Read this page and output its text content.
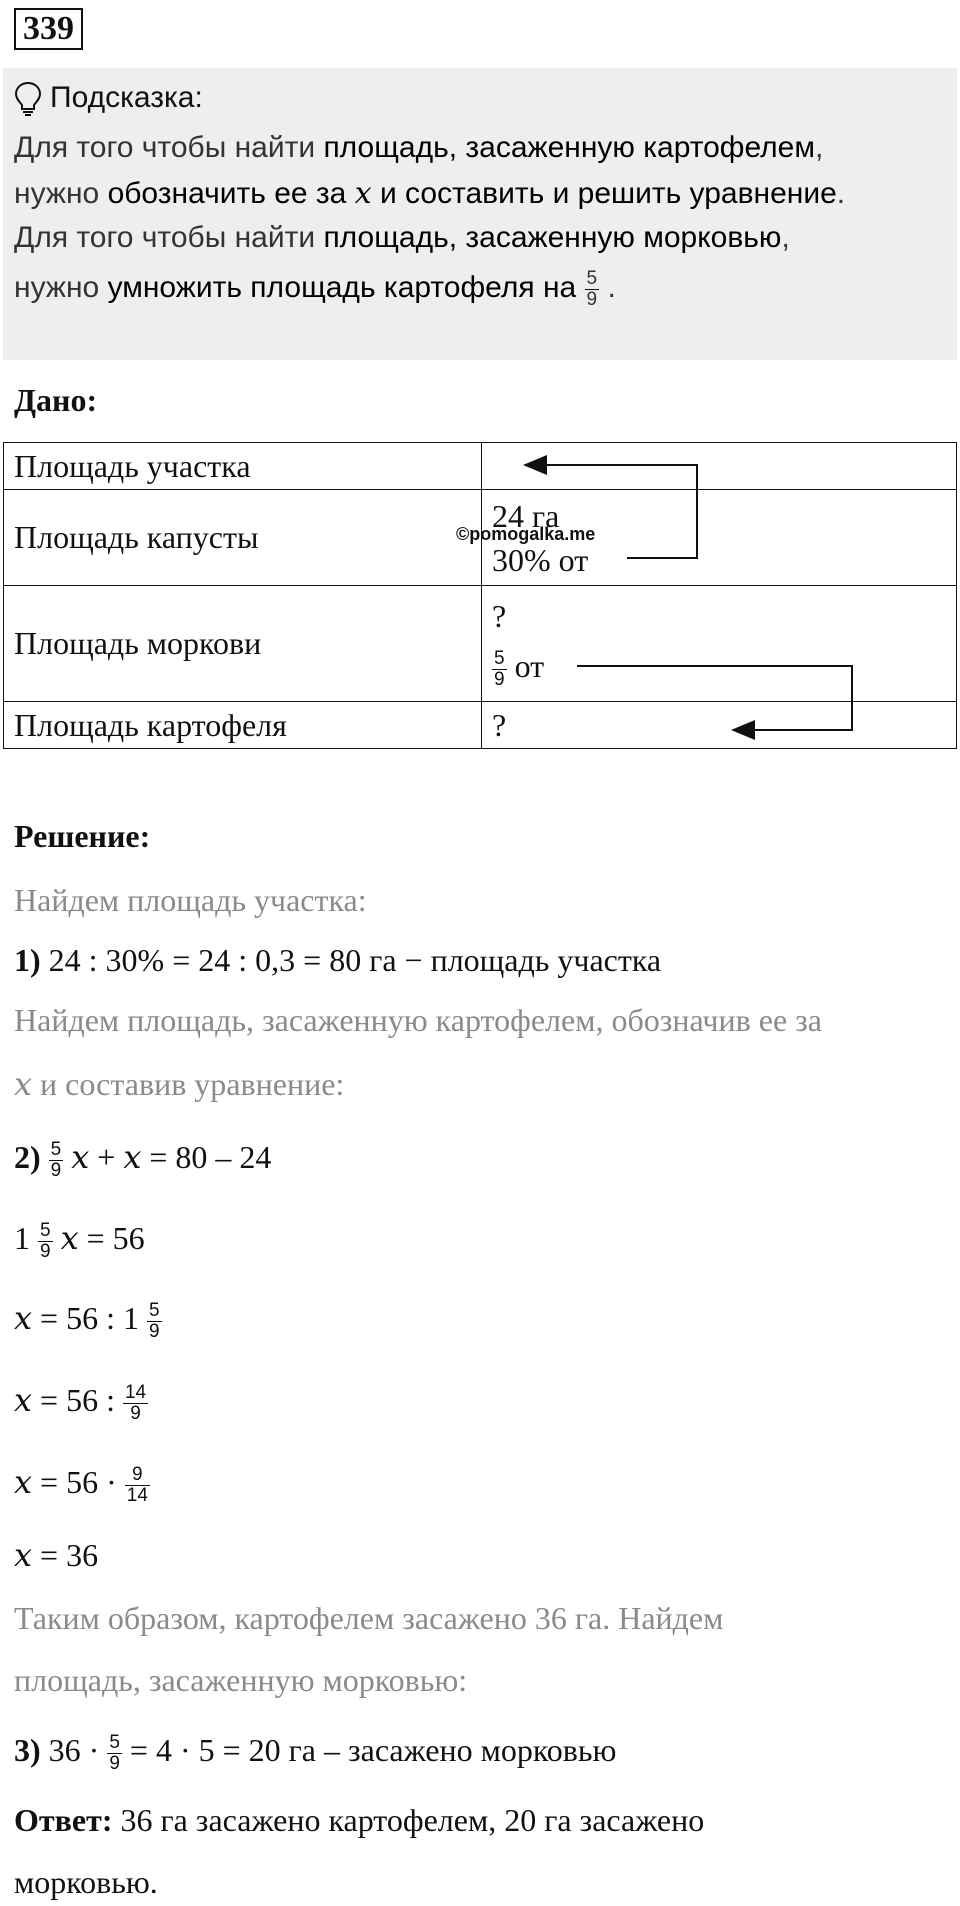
339
Подсказка:
Для того чтобы найти площадь, засаженную картофелем,
нужно обозначить ее за x и составить и решить уравнение.
Для того чтобы найти площадь, засаженную морковью,
нужно умножить площадь картофеля на $\frac{5}{9}$ .
Дано:
Площадь участка	
Площадь капусты	24 га
30% от

Площадь моркови	?
$\frac{5}{9}$ от

Площадь картофеля	?
©pomogalka.me
Решение:
Найдем площадь участка:
1) 24 : 30% = 24 : 0,3 = 80 га − площадь участка
Найдем площадь, засаженную картофелем, обозначив ее за
x и составив уравнение:
$2) \frac{5}{9}$ x + x = 80 – 24
$1 \frac{5}{9}$ x = 56
x = 56 : $1 \frac{5}{9}$
x = 56 : $\frac{14}{9}$
$x = 56 \cdot \frac{9}{14}$
x = 36
Таким образом, картофелем засажено 36 га. Найдем
площадь, засаженную морковью:
3) $36 \cdot \frac{5}{9} = 4 \cdot 5 = 20$ га – засажено морковью
Ответ: 36 га засажено картофелем, 20 га засажено
морковью.
